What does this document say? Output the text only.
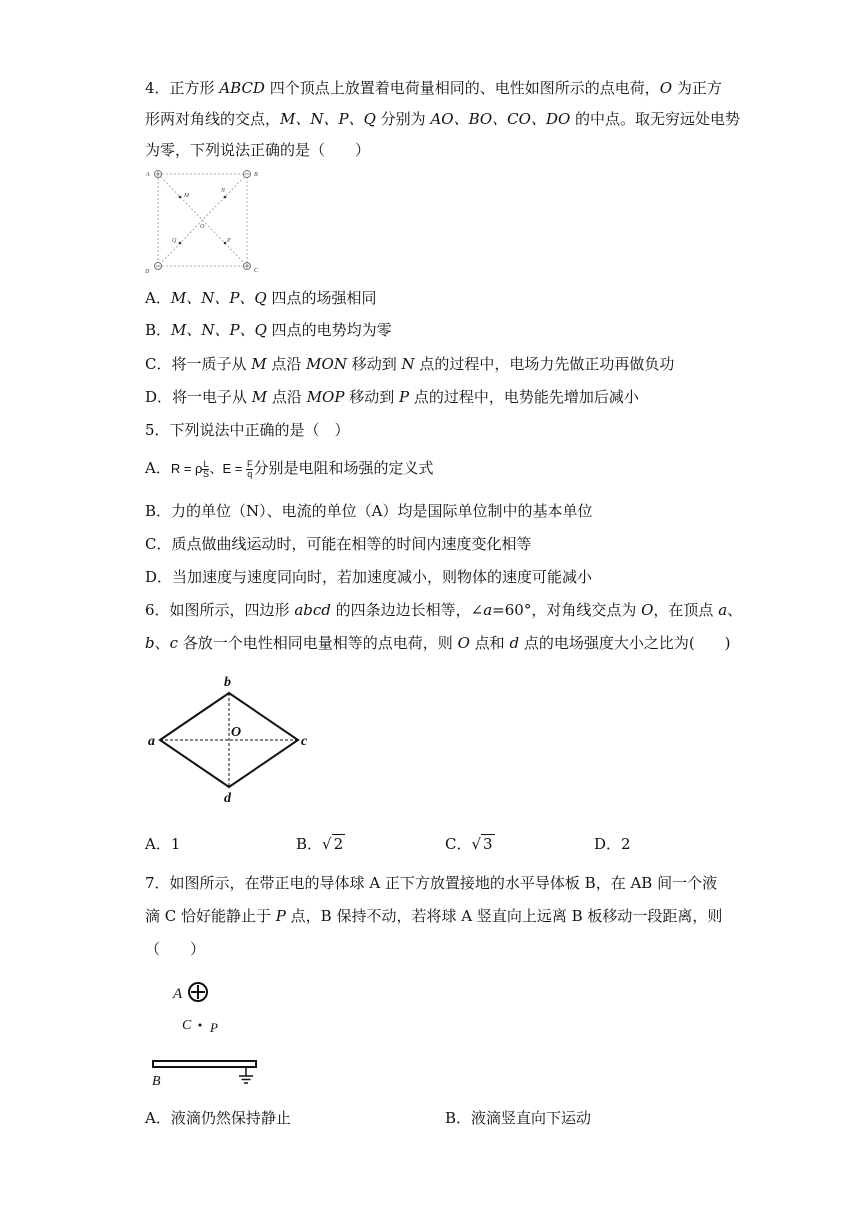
4．正方形 ABCD 四个顶点上放置着电荷量相同的、电性如图所示的点电荷，O 为正方
形两对角线的交点，M、N、P、Q 分别为 AO、BO、CO、DO 的中点。取无穷远处电势
为零，下列说法正确的是（　　）
A	B
C
D
M
N
P
Q
O
A．M、N、P、Q 四点的场强相同
B．M、N、P、Q 四点的电势均为零
C．将一质子从 M 点沿 MON 移动到 N 点的过程中，电场力先做正功再做负功
D．将一电子从 M 点沿 MOP 移动到 P 点的过程中，电势能先增加后减小
5．下列说法中正确的是（　）
A．R = ρ $\frac{L}{S}$ 、$E = \frac{F}{q}$ 分别是电阻和场强的定义式
B．力的单位（N）、电流的单位（A）均是国际单位制中的基本单位
C．质点做曲线运动时，可能在相等的时间内速度变化相等
D．当加速度与速度同向时，若加速度减小，则物体的速度可能减小
6．如图所示，四边形 abcd 的四条边边长相等，∠a=60°，对角线交点为 O，在顶点 a、
b、c 各放一个电性相同电量相等的点电荷，则 O 点和 d 点的电场强度大小之比为(　　)
b
a	c
d
O
A．1	B．√ 2	C．√ 3	D．2
7．如图所示，在带正电的导体球 A 正下方放置接地的水平导体板 B，在 AB 间一个液
滴 C 恰好能静止于 P 点，B 保持不动，若将球 A 竖直向上远离 B 板移动一段距离，则
（　　）
A
C P
B
A．液滴仍然保持静止	B．液滴竖直向下运动
